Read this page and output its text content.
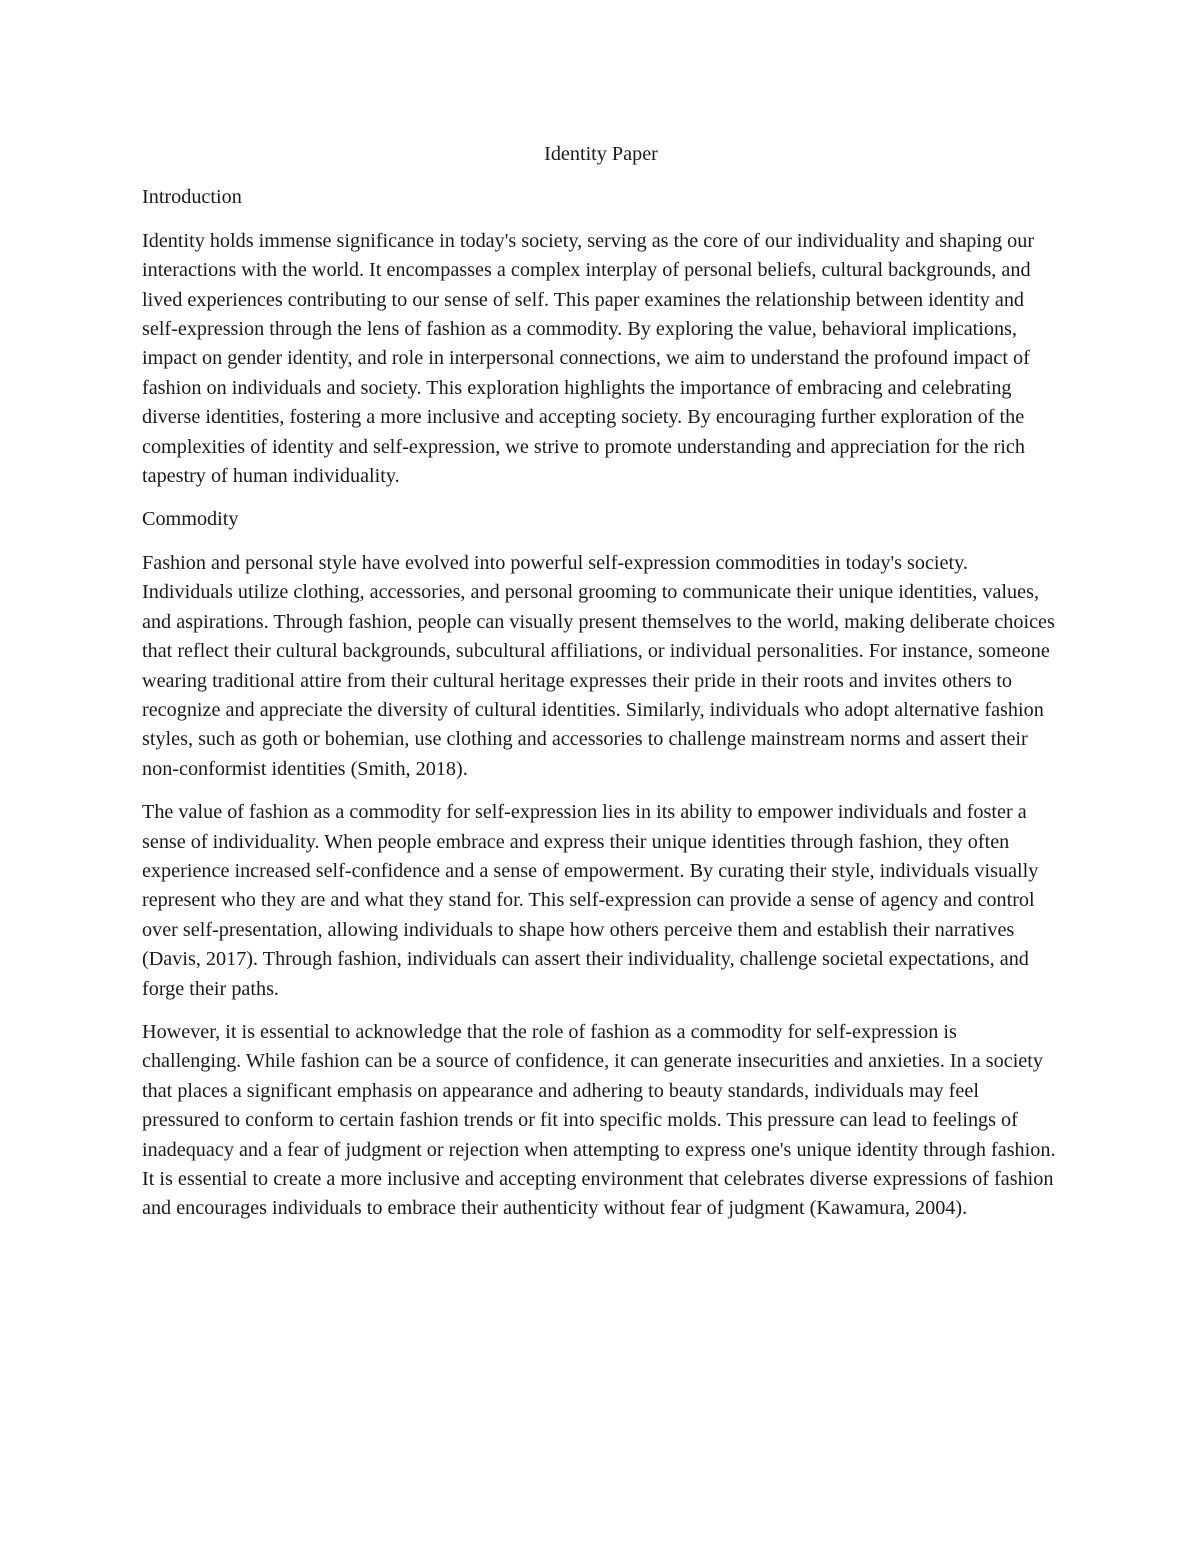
Identity Paper
Introduction

Identity holds immense significance in today's society, serving as the core of our individuality and shaping our interactions with the world. It encompasses a complex interplay of personal beliefs, cultural backgrounds, and lived experiences contributing to our sense of self. This paper examines the relationship between identity and self-expression through the lens of fashion as a commodity. By exploring the value, behavioral implications, impact on gender identity, and role in interpersonal connections, we aim to understand the profound impact of fashion on individuals and society. This exploration highlights the importance of embracing and celebrating diverse identities, fostering a more inclusive and accepting society. By encouraging further exploration of the complexities of identity and self-expression, we strive to promote understanding and appreciation for the rich tapestry of human individuality.

Commodity

Fashion and personal style have evolved into powerful self-expression commodities in today's society. Individuals utilize clothing, accessories, and personal grooming to communicate their unique identities, values, and aspirations. Through fashion, people can visually present themselves to the world, making deliberate choices that reflect their cultural backgrounds, subcultural affiliations, or individual personalities. For instance, someone wearing traditional attire from their cultural heritage expresses their pride in their roots and invites others to recognize and appreciate the diversity of cultural identities. Similarly, individuals who adopt alternative fashion styles, such as goth or bohemian, use clothing and accessories to challenge mainstream norms and assert their non-conformist identities (Smith, 2018).

The value of fashion as a commodity for self-expression lies in its ability to empower individuals and foster a sense of individuality. When people embrace and express their unique identities through fashion, they often experience increased self-confidence and a sense of empowerment. By curating their style, individuals visually represent who they are and what they stand for. This self-expression can provide a sense of agency and control over self-presentation, allowing individuals to shape how others perceive them and establish their narratives (Davis, 2017). Through fashion, individuals can assert their individuality, challenge societal expectations, and forge their paths.

However, it is essential to acknowledge that the role of fashion as a commodity for self-expression is challenging. While fashion can be a source of confidence, it can generate insecurities and anxieties. In a society that places a significant emphasis on appearance and adhering to beauty standards, individuals may feel pressured to conform to certain fashion trends or fit into specific molds. This pressure can lead to feelings of inadequacy and a fear of judgment or rejection when attempting to express one's unique identity through fashion. It is essential to create a more inclusive and accepting environment that celebrates diverse expressions of fashion and encourages individuals to embrace their authenticity without fear of judgment (Kawamura, 2004).
